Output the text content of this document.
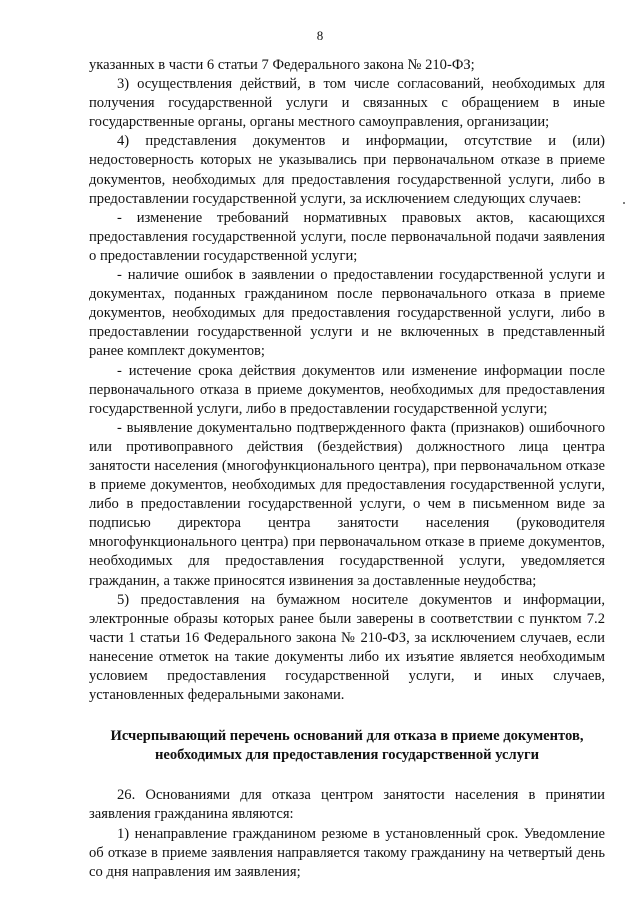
8

указанных в части 6 статьи 7 Федерального закона № 210-ФЗ;

3) осуществления действий, в том числе согласований, необходимых для получения государственной услуги и связанных с обращением в иные государственные органы, органы местного самоуправления, организации;

4) представления документов и информации, отсутствие и (или) недостоверность которых не указывались при первоначальном отказе в приеме документов, необходимых для предоставления государственной услуги, либо в предоставлении государственной услуги, за исключением следующих случаев:

- изменение требований нормативных правовых актов, касающихся предоставления государственной услуги, после первоначальной подачи заявления о предоставлении государственной услуги;

- наличие ошибок в заявлении о предоставлении государственной услуги и документах, поданных гражданином после первоначального отказа в приеме документов, необходимых для предоставления государственной услуги, либо в предоставлении государственной услуги и не включенных в представленный ранее комплект документов;

- истечение срока действия документов или изменение информации после первоначального отказа в приеме документов, необходимых для предоставления государственной услуги, либо в предоставлении государственной услуги;

- выявление документально подтвержденного факта (признаков) ошибочного или противоправного действия (бездействия) должностного лица центра занятости населения (многофункционального центра), при первоначальном отказе в приеме документов, необходимых для предоставления государственной услуги, либо в предоставлении государственной услуги, о чем в письменном виде за подписью директора центра занятости населения (руководителя многофункционального центра) при первоначальном отказе в приеме документов, необходимых для предоставления государственной услуги, уведомляется гражданин, а также приносятся извинения за доставленные неудобства;

5) предоставления на бумажном носителе документов и информации, электронные образы которых ранее были заверены в соответствии с пунктом 7.2 части 1 статьи 16 Федерального закона № 210-ФЗ, за исключением случаев, если нанесение отметок на такие документы либо их изъятие является необходимым условием предоставления государственной услуги, и иных случаев, установленных федеральными законами.

Исчерпывающий перечень оснований для отказа в приеме документов,
необходимых для предоставления государственной услуги

26. Основаниями для отказа центром занятости населения в принятии заявления гражданина являются:

1) ненаправление гражданином резюме в установленный срок. Уведомление об отказе в приеме заявления направляется такому гражданину на четвертый день со дня направления им заявления;
